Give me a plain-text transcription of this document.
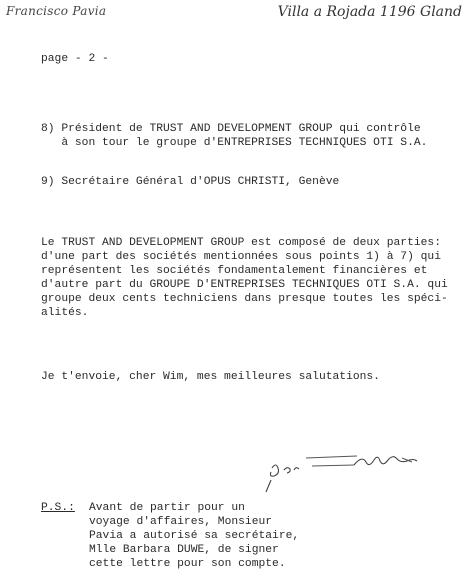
Francisco Pavia	Villa a Rojada 1196 Gland
page - 2 -
8) Président de TRUST AND DEVELOPMENT GROUP qui contrôle
à son tour le groupe d'ENTREPRISES TECHNIQUES OTI S.A.
9) Secrétaire Général d'OPUS CHRISTI, Genève
Le TRUST AND DEVELOPMENT GROUP est composé de deux parties:
d'une part des sociétés mentionnées sous points 1) à 7) qui
représentent les sociétés fondamentalement financières et
d'autre part du GROUPE D'ENTREPRISES TECHNIQUES OTI S.A. qui
groupe deux cents techniciens dans presque toutes les spéci-
alités.
Je t'envoie, cher Wim, mes meilleures salutations.
P.S.: Avant de partir pour un
voyage d'affaires, Monsieur
Pavia a autorisé sa secrétaire,
Mlle Barbara DUWE, de signer
cette lettre pour son compte.
